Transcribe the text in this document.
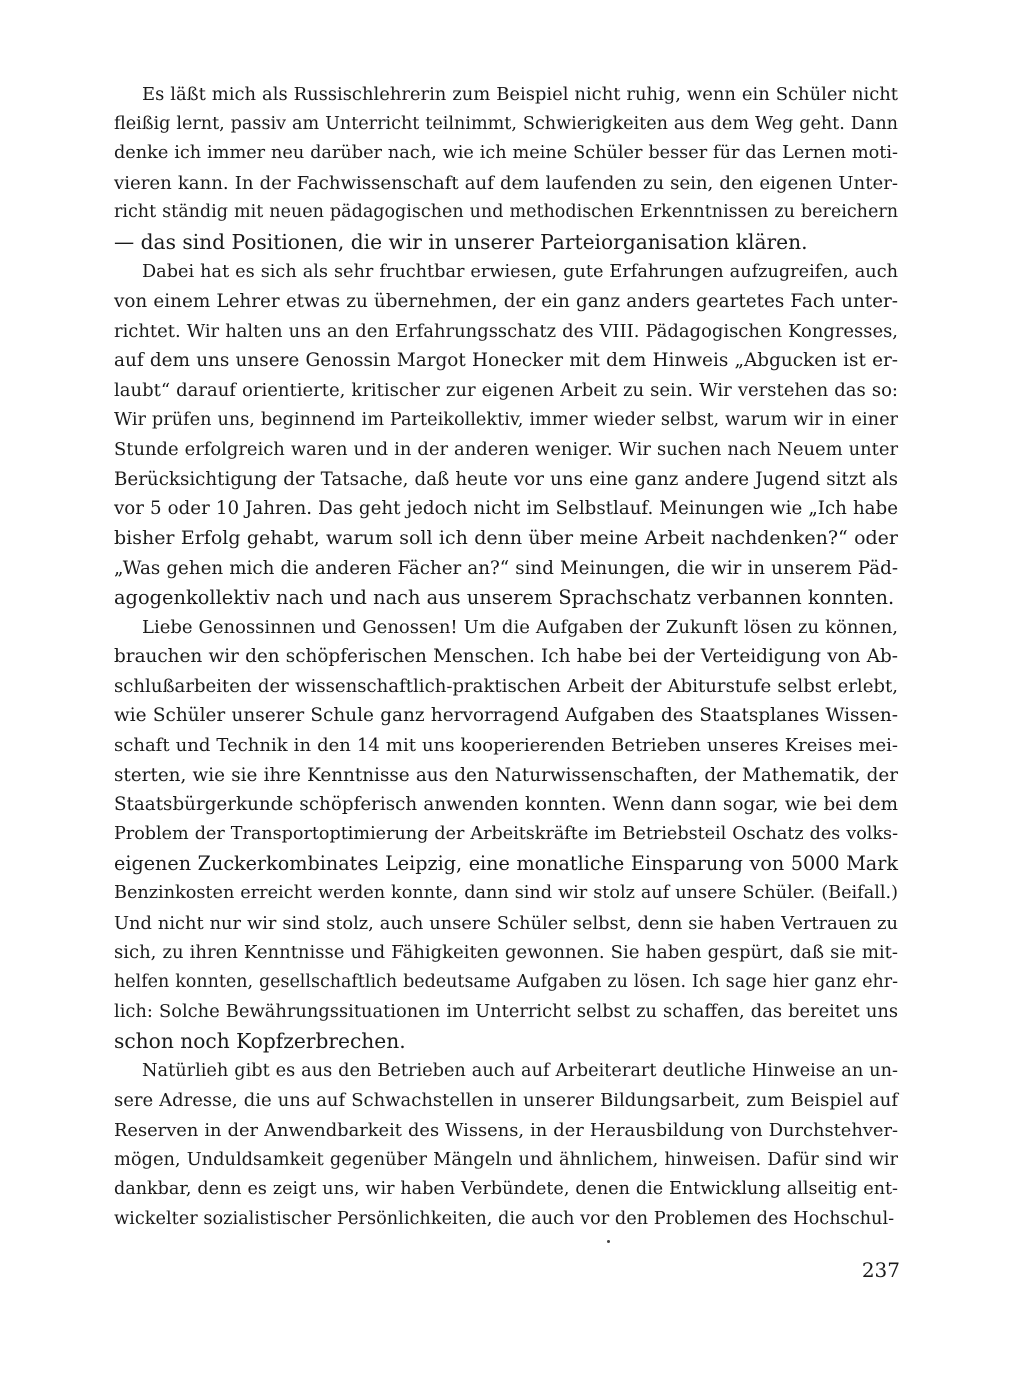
Es läßt mich als Russischlehrerin zum Beispiel nicht ruhig, wenn ein Schüler nicht
fleißig lernt, passiv am Unterricht teilnimmt, Schwierigkeiten aus dem Weg geht. Dann
denke ich immer neu darüber nach, wie ich meine Schüler besser für das Lernen moti-
vieren kann. In der Fachwissenschaft auf dem laufenden zu sein, den eigenen Unter-
richt ständig mit neuen pädagogischen und methodischen Erkenntnissen zu bereichern
— das sind Positionen, die wir in unserer Parteiorganisation klären.
Dabei hat es sich als sehr fruchtbar erwiesen, gute Erfahrungen aufzugreifen, auch
von einem Lehrer etwas zu übernehmen, der ein ganz anders geartetes Fach unter-
richtet. Wir halten uns an den Erfahrungsschatz des VIII. Pädagogischen Kongresses,
auf dem uns unsere Genossin Margot Honecker mit dem Hinweis „Abgucken ist er-
laubt“ darauf orientierte, kritischer zur eigenen Arbeit zu sein. Wir verstehen das so:
Wir prüfen uns, beginnend im Parteikollektiv, immer wieder selbst, warum wir in einer
Stunde erfolgreich waren und in der anderen weniger. Wir suchen nach Neuem unter
Berücksichtigung der Tatsache, daß heute vor uns eine ganz andere Jugend sitzt als
vor 5 oder 10 Jahren. Das geht jedoch nicht im Selbstlauf. Meinungen wie „Ich habe
bisher Erfolg gehabt, warum soll ich denn über meine Arbeit nachdenken?“ oder
„Was gehen mich die anderen Fächer an?“ sind Meinungen, die wir in unserem Päd-
agogenkollektiv nach und nach aus unserem Sprachschatz verbannen konnten.
Liebe Genossinnen und Genossen! Um die Aufgaben der Zukunft lösen zu können,
brauchen wir den schöpferischen Menschen. Ich habe bei der Verteidigung von Ab-
schlußarbeiten der wissenschaftlich-praktischen Arbeit der Abiturstufe selbst erlebt,
wie Schüler unserer Schule ganz hervorragend Aufgaben des Staatsplanes Wissen-
schaft und Technik in den 14 mit uns kooperierenden Betrieben unseres Kreises mei-
sterten, wie sie ihre Kenntnisse aus den Naturwissenschaften, der Mathematik, der
Staatsbürgerkunde schöpferisch anwenden konnten. Wenn dann sogar, wie bei dem
Problem der Transportoptimierung der Arbeitskräfte im Betriebsteil Oschatz des volks-
eigenen Zuckerkombinates Leipzig, eine monatliche Einsparung von 5000 Mark
Benzinkosten erreicht werden konnte, dann sind wir stolz auf unsere Schüler. (Beifall.)
Und nicht nur wir sind stolz, auch unsere Schüler selbst, denn sie haben Vertrauen zu
sich, zu ihren Kenntnisse und Fähigkeiten gewonnen. Sie haben gespürt, daß sie mit-
helfen konnten, gesellschaftlich bedeutsame Aufgaben zu lösen. Ich sage hier ganz ehr-
lich: Solche Bewährungssituationen im Unterricht selbst zu schaffen, das bereitet uns
schon noch Kopfzerbrechen.
Natürlieh gibt es aus den Betrieben auch auf Arbeiterart deutliche Hinweise an un-
sere Adresse, die uns auf Schwachstellen in unserer Bildungsarbeit, zum Beispiel auf
Reserven in der Anwendbarkeit des Wissens, in der Herausbildung von Durchstehver-
mögen, Unduldsamkeit gegenüber Mängeln und ähnlichem, hinweisen. Dafür sind wir
dankbar, denn es zeigt uns, wir haben Verbündete, denen die Entwicklung allseitig ent-
wickelter sozialistischer Persönlichkeiten, die auch vor den Problemen des Hochschul-
237
